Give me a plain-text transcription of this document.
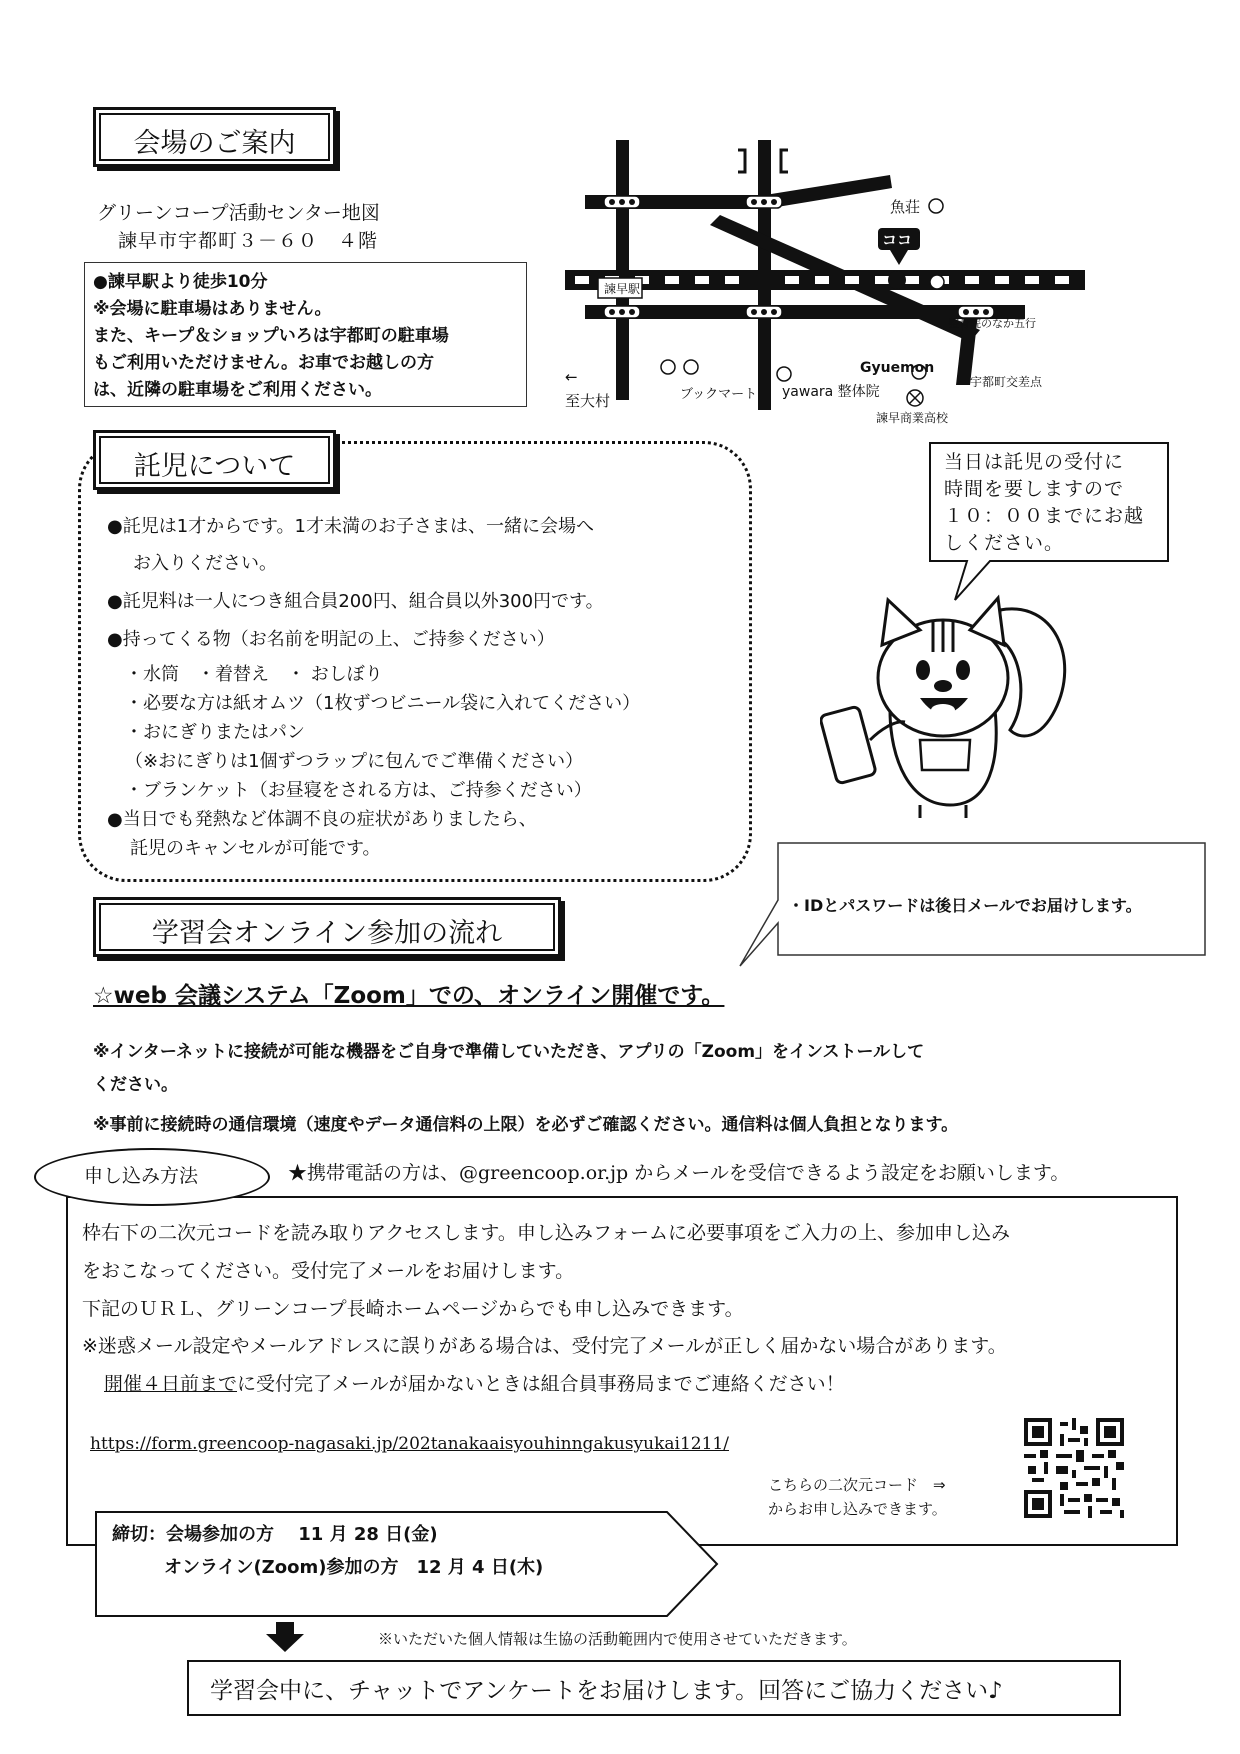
会場のご案内
グリーンコープ活動センター地図
諫早市宇都町３－６０　４階
●諫早駅より徒歩10分
※会場に駐車場はありません。
また、キープ＆ショップいろは宇都町の駐車場
もご利用いただけません。お車でお越しの方
は、近隣の駐車場をご利用ください。
諫早駅
ココ
魚荘
整骨院のなか五行
Gyuemon
宇都町交差点
←
至大村	ブックマート yawara 整体院
諫早商業高校
託児について
●託児は1才からです。1才未満のお子さまは、一緒に会場へ
お入りください。
●託児料は一人につき組合員200円、組合員以外300円です。
●持ってくる物（お名前を明記の上、ご持参ください）
・水筒　・着替え　・ おしぼり
・必要な方は紙オムツ（1枚ずつビニール袋に入れてください）
・おにぎりまたはパン
（※おにぎりは1個ずつラップに包んでご準備ください）
・ブランケット（お昼寝をされる方は、ご持参ください）
●当日でも発熱など体調不良の症状がありましたら、
託児のキャンセルが可能です。
当日は託児の受付に
時間を要しますので
１０：００までにお越
しください。
・IDとパスワードは後日メールでお届けします。
学習会オンライン参加の流れ
☆web 会議システム「Zoom」での、オンライン開催です。
※インターネットに接続が可能な機器をご自身で準備していただき、アプリの「Zoom」をインストールして
ください。
※事前に接続時の通信環境（速度やデータ通信料の上限）を必ずご確認ください。通信料は個人負担となります。
申し込み方法	★携帯電話の方は、@greencoop.or.jp からメールを受信できるよう設定をお願いします。
枠右下の二次元コードを読み取りアクセスします。申し込みフォームに必要事項をご入力の上、参加申し込み
をおこなってください。受付完了メールをお届けします。
下記のＵＲＬ、グリーンコープ長崎ホームページからでも申し込みできます。
※迷惑メール設定やメールアドレスに誤りがある場合は、受付完了メールが正しく届かない場合があります。
開催４日前までに受付完了メールが届かないときは組合員事務局までご連絡ください！
https://form.greencoop-nagasaki.jp/202tanakaaisyouhinngakusyukai1211/
こちらの二次元コード　⇒
からお申し込みできます。
締切：会場参加の方　 11 月 28 日(金)
オンライン(Zoom)参加の方　12 月 4 日(木)
※いただいた個人情報は生協の活動範囲内で使用させていただきます。
学習会中に、チャットでアンケートをお届けします。回答にご協力ください♪
